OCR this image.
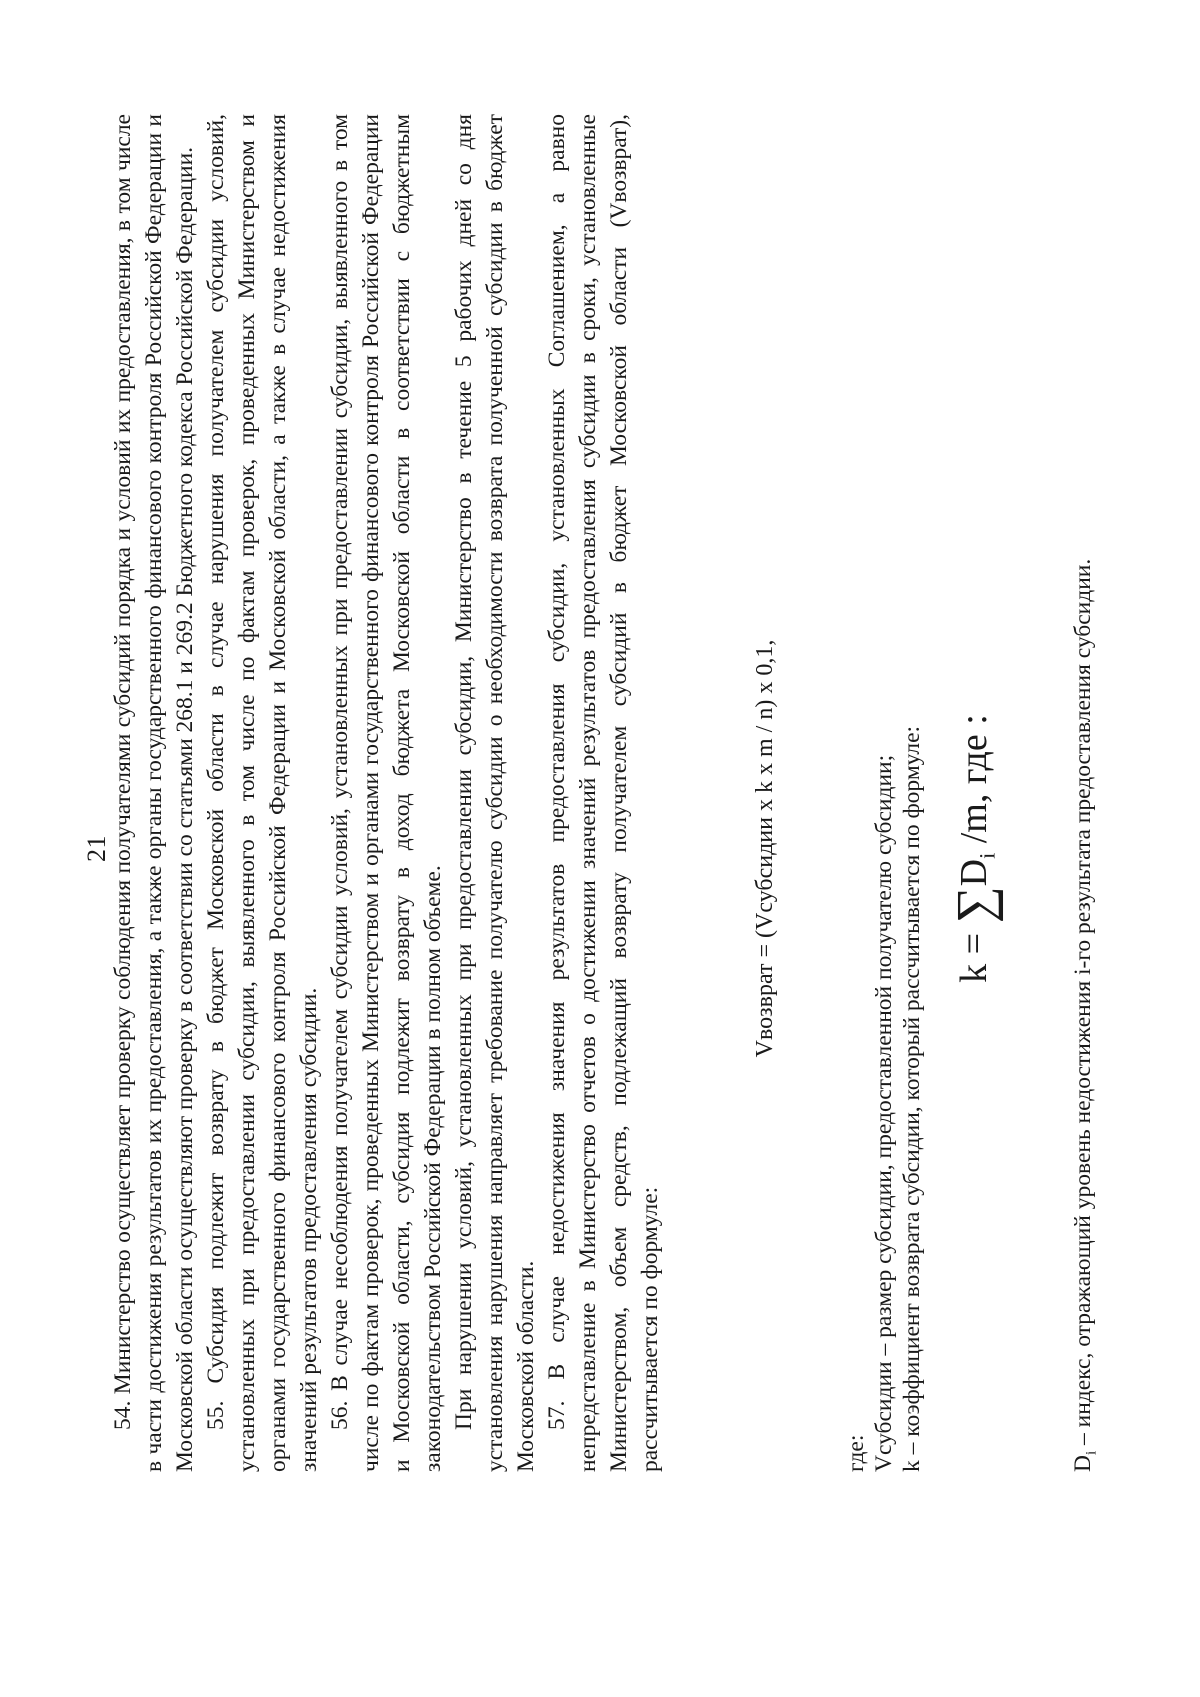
21 54. Министерство осуществляет проверку соблюдения получателями субсидий порядка и условий их предоставления, в том числе в части достижения результатов их предоставления, а также органы государственного финансового контроля Российской Федерации и Московской области осуществляют проверку в соответствии со статьями 268.1 и 269.2 Бюджетного кодекса Российской Федерации. 55. Субсидия подлежит возврату в бюджет Московской области в случае нарушения получателем субсидии условий, установленных при предоставлении субсидии, выявленного в том числе по фактам проверок, проведенных Министерством и органами государственного финансового контроля Российской Федерации и Московской области, а также в случае недостижения значений результатов предоставления субсидии. 56. В случае несоблюдения получателем субсидии условий, установленных при предоставлении субсидии, выявленного в том числе по фактам проверок, проведенных Министерством и органами государственного финансового контроля Российской Федерации и Московской области, субсидия подлежит возврату в доход бюджета Московской области в соответствии с бюджетным законодательством Российской Федерации в полном объеме. При нарушении условий, установленных при предоставлении субсидии, Министерство в течение 5 рабочих дней со дня установления нарушения направляет требование получателю субсидии о необходимости возврата полученной субсидии в бюджет Московской области. 57. В случае недостижения значения результатов предоставления субсидии, установленных Соглашением, а равно непредставление в Министерство отчетов о достижении значений результатов предоставления субсидии в сроки, установленные Министерством, объем средств, подлежащий возврату получателем субсидий в бюджет Московской области (Vвозврат), рассчитывается по формуле:

Vвозврат = (Vсубсидии x k x m / n) x 0,1,
где: Vсубсидии – размер субсидии, предоставленной получателю субсидии; k – коэффициент возврата субсидии, который рассчитывается по формуле: $k = \sum D_i$ /m, где :
$D_i$ – индекс, отражающий уровень недостижения i-го результата предоставления субсидии.
